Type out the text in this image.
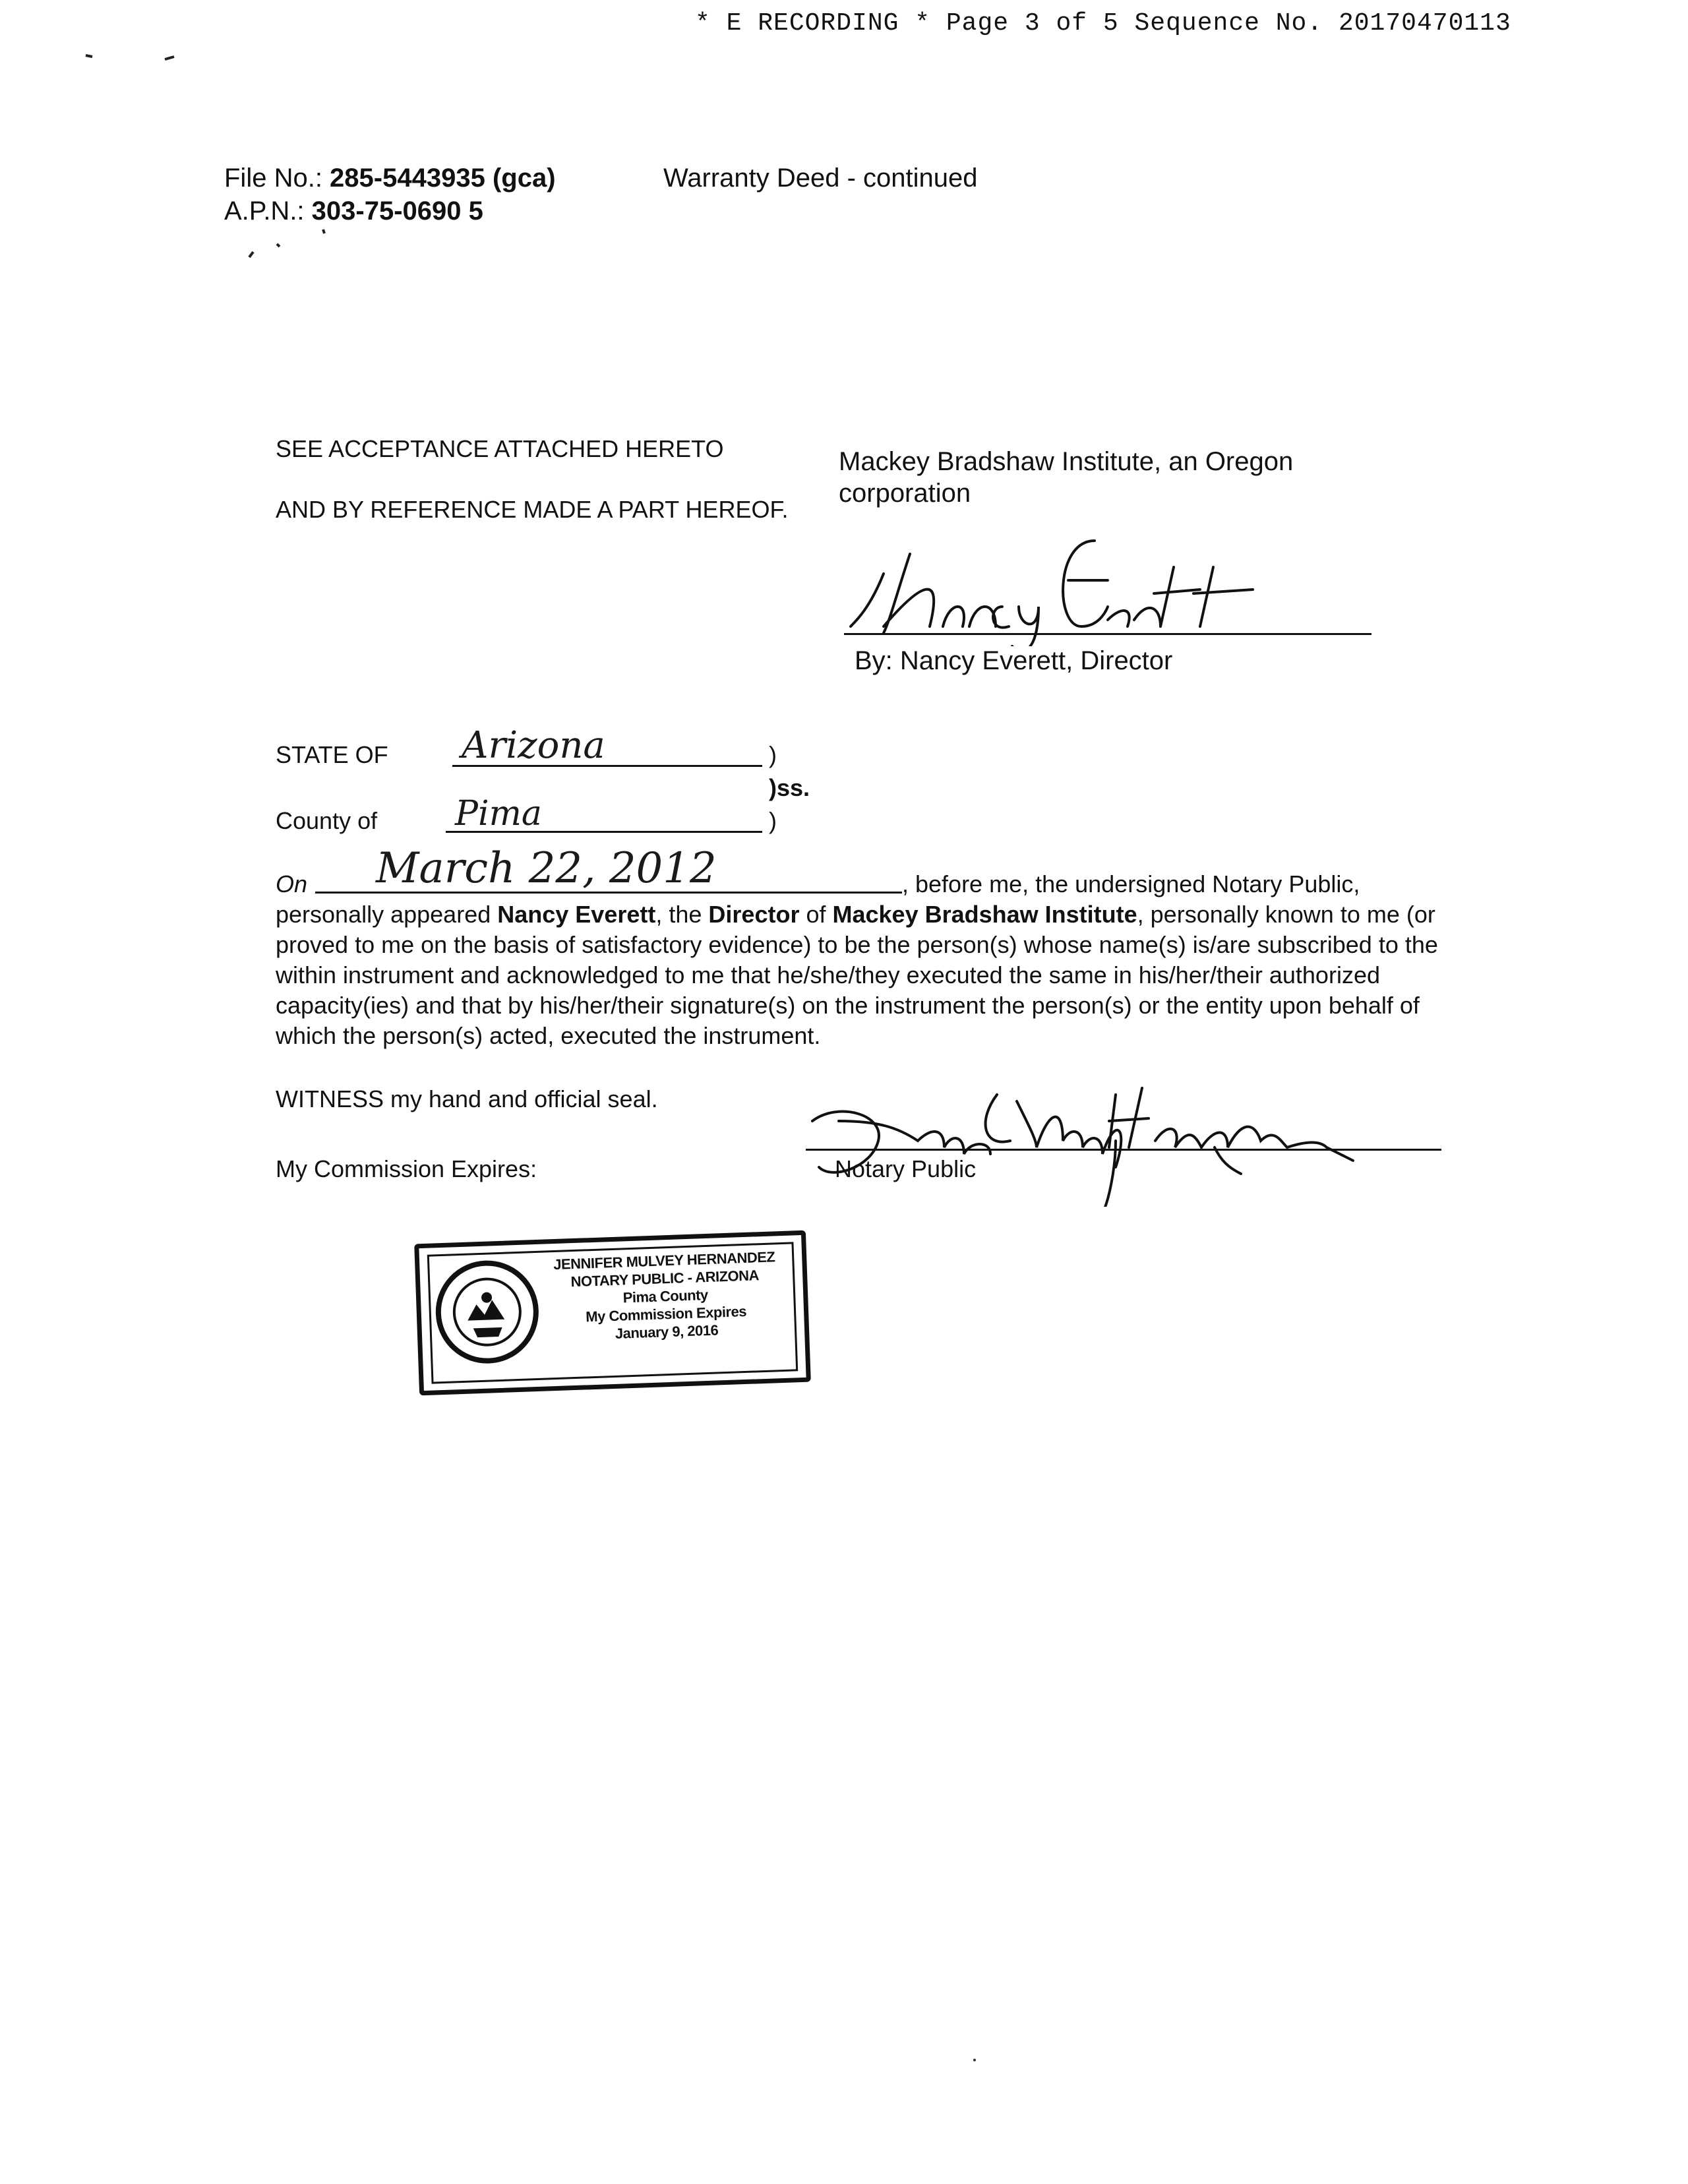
* E RECORDING * Page 3 of 5 Sequence No. 20170470113
File No.: 285-5443935 (gca)
A.P.N.: 303-75-0690 5
Warranty Deed - continued
SEE ACCEPTANCE ATTACHED HERETO
AND BY REFERENCE MADE A PART HEREOF.
Mackey Bradshaw Institute, an Oregon
corporation
By: Nancy Everett, Director
STATE OF Arizona	)
)ss.
County of Pima	)
On March 22, 2012	, before me, the undersigned Notary Public,
personally appeared Nancy Everett, the Director of Mackey Bradshaw Institute, personally known to me (or proved to me on the basis of satisfactory evidence) to be the person(s) whose name(s) is/are subscribed to the within instrument and acknowledged to me that he/she/they executed the same in his/her/their authorized capacity(ies) and that by his/her/their signature(s) on the instrument the person(s) or the entity upon behalf of which the person(s) acted, executed the instrument.
WITNESS my hand and official seal.
My Commission Expires:	Notary Public
JENNIFER MULVEY HERNANDEZ
NOTARY PUBLIC - ARIZONA
Pima County
My Commission Expires
January 9, 2016
